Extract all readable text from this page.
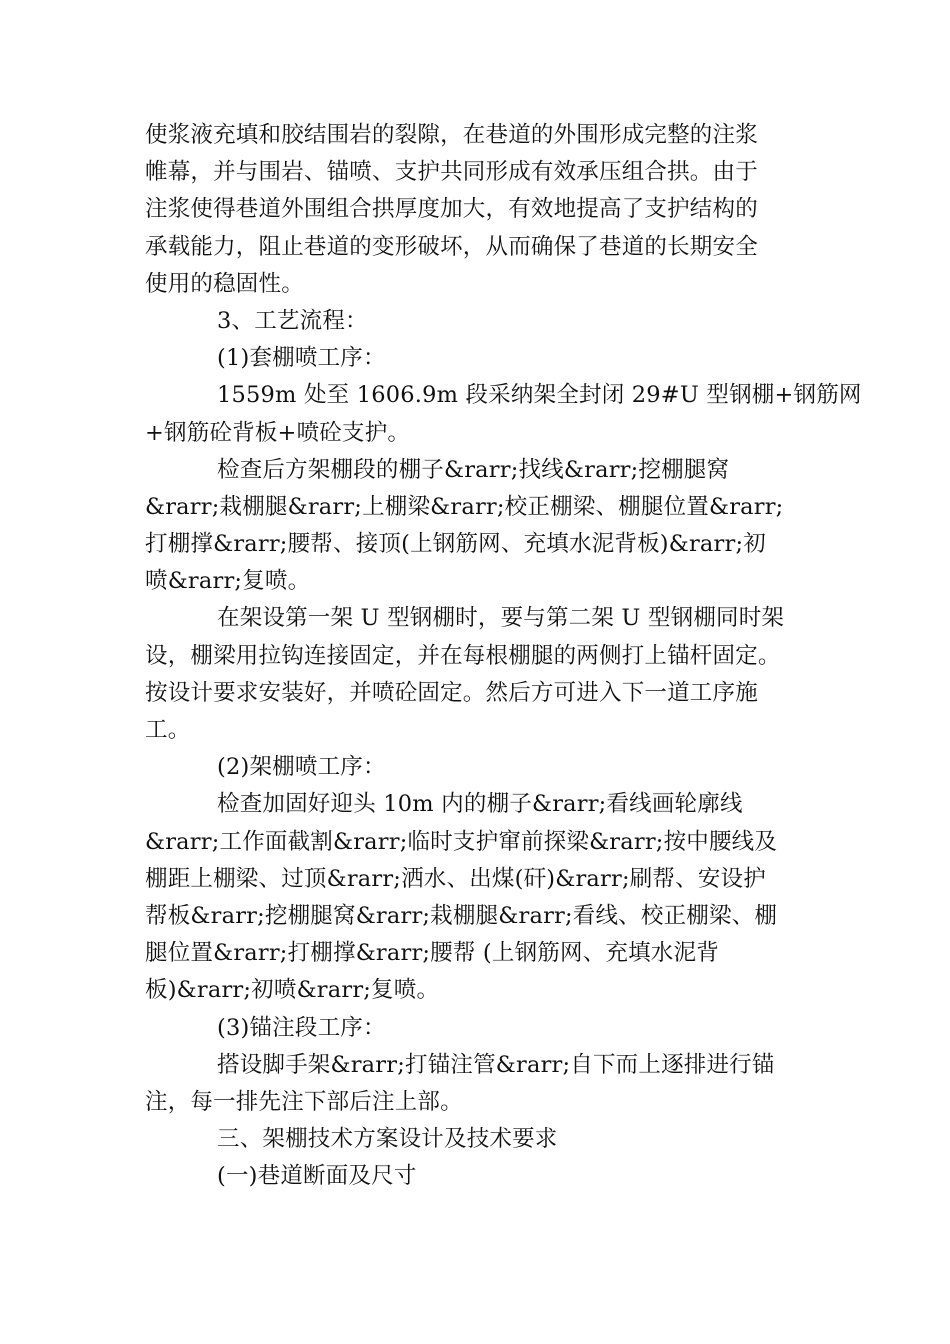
使浆液充填和胶结围岩的裂隙，在巷道的外围形成完整的注浆
帷幕，并与围岩、锚喷、支护共同形成有效承压组合拱。由于
注浆使得巷道外围组合拱厚度加大，有效地提高了支护结构的
承载能力，阻止巷道的变形破坏，从而确保了巷道的长期安全
使用的稳固性。
3、工艺流程：
(1)套棚喷工序：
1559m 处至 1606.9m 段采纳架全封闭 29#U 型钢棚+钢筋网
+钢筋砼背板+喷砼支护。
检查后方架棚段的棚子&rarr;找线&rarr;挖棚腿窝
&rarr;栽棚腿&rarr;上棚梁&rarr;校正棚梁、棚腿位置&rarr;
打棚撑&rarr;腰帮、接顶(上钢筋网、充填水泥背板)&rarr;初
喷&rarr;复喷。
在架设第一架 U 型钢棚时，要与第二架 U 型钢棚同时架
设，棚梁用拉钩连接固定，并在每根棚腿的两侧打上锚杆固定。
按设计要求安装好，并喷砼固定。然后方可进入下一道工序施
工。
(2)架棚喷工序：
检查加固好迎头 10m 内的棚子&rarr;看线画轮廓线
&rarr;工作面截割&rarr;临时支护窜前探梁&rarr;按中腰线及
棚距上棚梁、过顶&rarr;洒水、出煤(矸)&rarr;刷帮、安设护
帮板&rarr;挖棚腿窝&rarr;栽棚腿&rarr;看线、校正棚梁、棚
腿位置&rarr;打棚撑&rarr;腰帮 (上钢筋网、充填水泥背
板)&rarr;初喷&rarr;复喷。
(3)锚注段工序：
搭设脚手架&rarr;打锚注管&rarr;自下而上逐排进行锚
注，每一排先注下部后注上部。
三、架棚技术方案设计及技术要求
(一)巷道断面及尺寸
